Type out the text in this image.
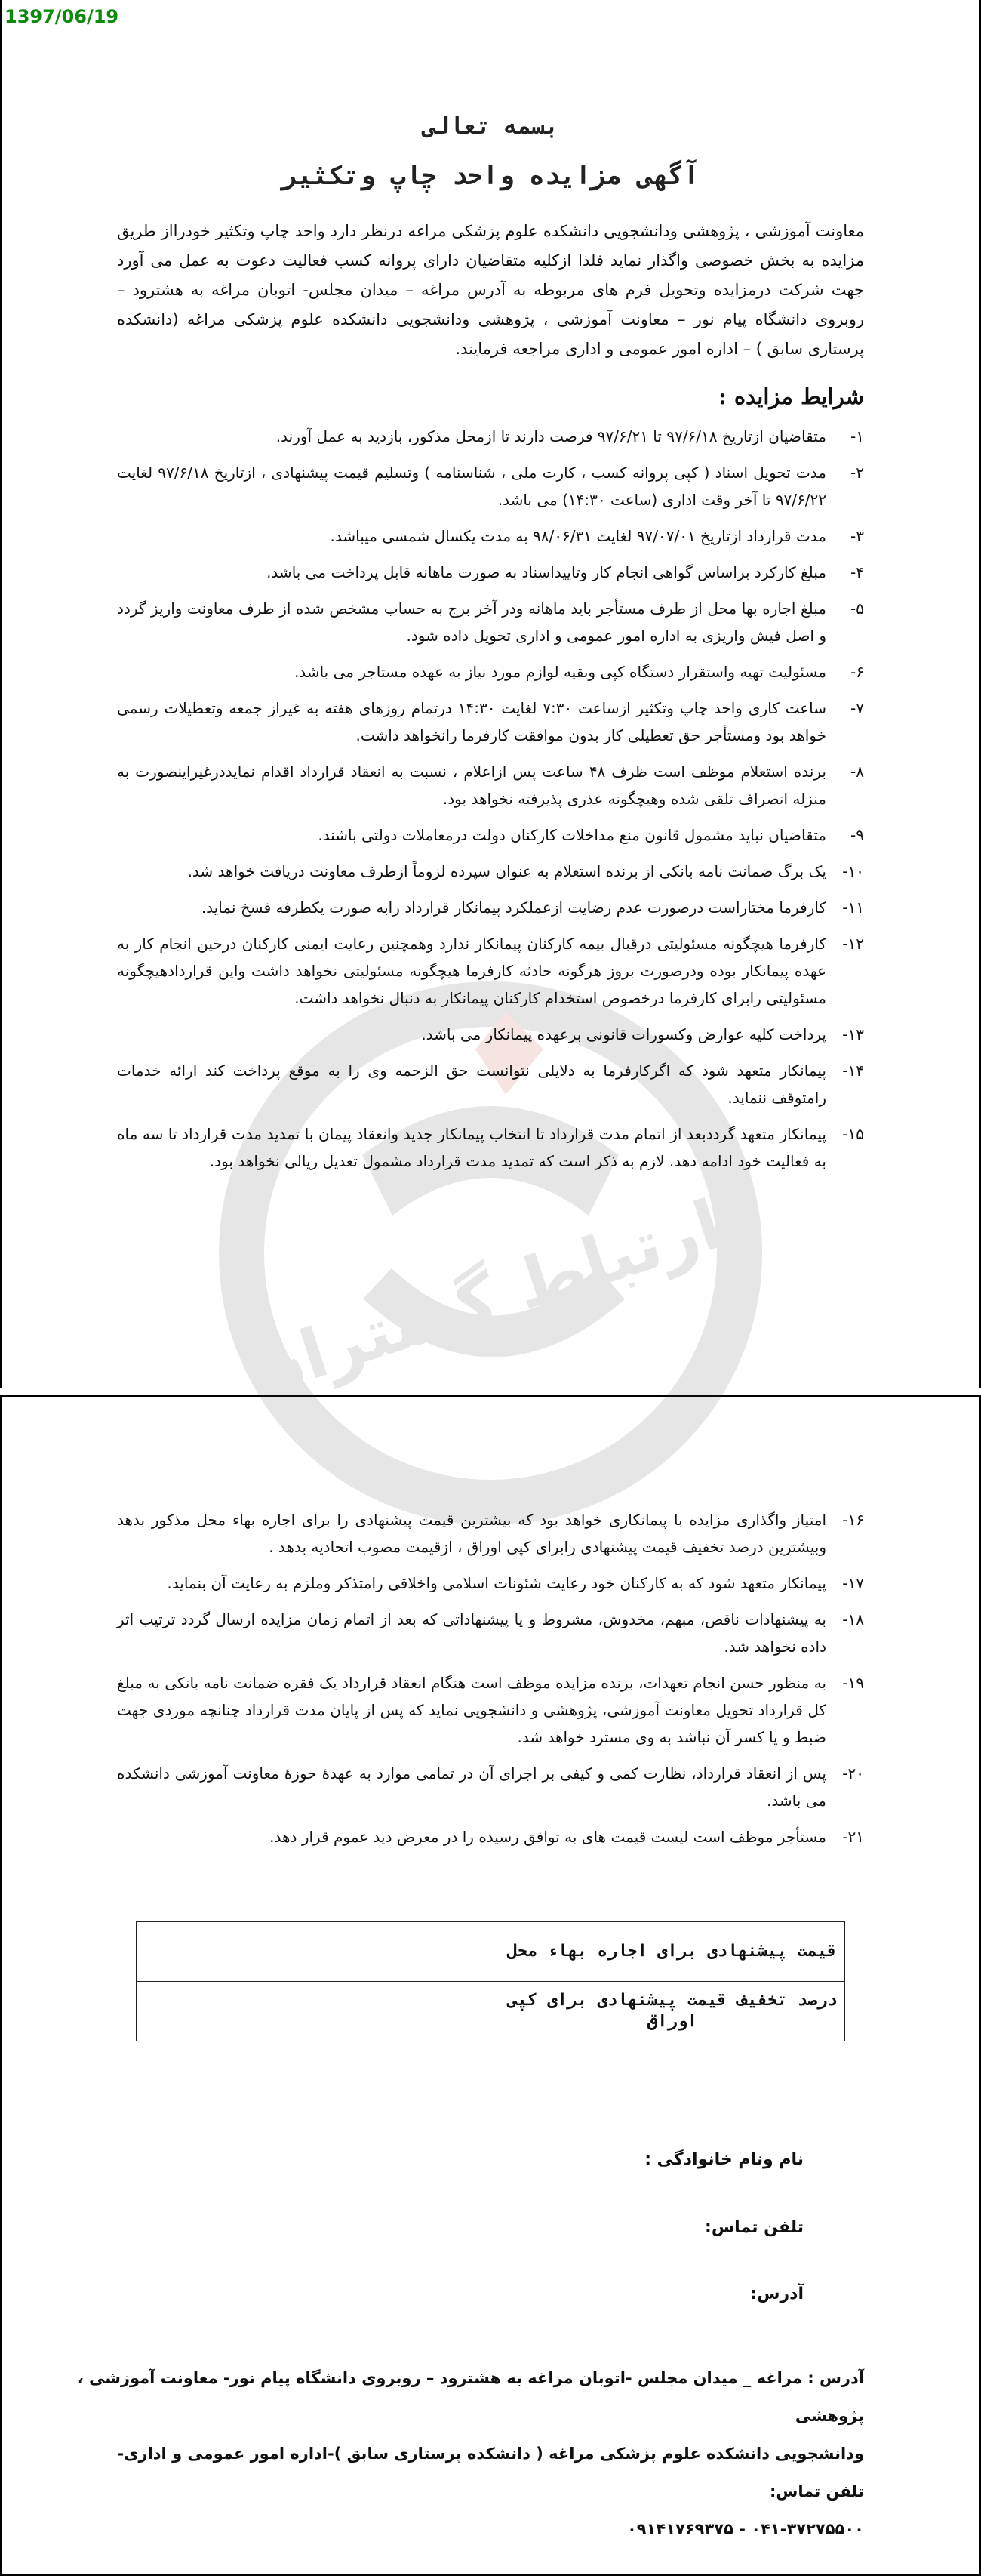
1397/06/19
ارتباط گستران
بسمه تعالی
آگهی مزایده واحد چاپ وتکثیر
معاونت آموزشی ، پژوهشی ودانشجویی دانشکده علوم پزشکی مراغه درنظر دارد واحد چاپ وتکثیر خودرااز طریق مزایده به بخش خصوصی واگذار نماید فلذا ازکلیه متقاضیان دارای پروانه کسب فعالیت دعوت به عمل می آورد جهت شرکت درمزایده وتحویل فرم های مربوطه به آدرس مراغه – میدان مجلس- اتوبان مراغه به هشترود – روبروی دانشگاه پیام نور – معاونت آموزشی ، پژوهشی ودانشجویی دانشکده علوم پزشکی مراغه (دانشکده پرستاری سابق ) – اداره امور عمومی و اداری مراجعه فرمایند.
شرایط مزایده :
۱-
متقاضیان ازتاریخ ۹۷/۶/۱۸ تا ۹۷/۶/۲۱ فرصت دارند تا ازمحل مذکور، بازدید به عمل آورند.
۲-
مدت تحویل اسناد ( کپی پروانه کسب ، کارت ملی ، شناسنامه ) وتسلیم قیمت پیشنهادی ، ازتاریخ ۹۷/۶/۱۸ لغایت ۹۷/۶/۲۲ تا آخر وقت اداری (ساعت ۱۴:۳۰) می باشد.
۳-
مدت قرارداد ازتاریخ ۹۷/۰۷/۰۱ لغایت ۹۸/۰۶/۳۱ به مدت یکسال شمسی میباشد.
۴-
مبلغ کارکرد براساس گواهی انجام کار وتاییداسناد به صورت ماهانه قابل پرداخت می باشد.
۵-
مبلغ اجاره بها محل از طرف مستأجر باید ماهانه ودر آخر برج به حساب مشخص شده از طرف معاونت واریز گردد و اصل فیش واریزی به اداره امور عمومی و اداری تحویل داده شود.
۶-
مسئولیت تهیه واستقرار دستگاه کپی وبقیه لوازم مورد نیاز به عهده مستاجر می باشد.
۷-
ساعت کاری واحد چاپ وتکثیر ازساعت ۷:۳۰ لغایت ۱۴:۳۰ درتمام روزهای هفته به غیراز جمعه وتعطیلات رسمی خواهد بود ومستأجر حق تعطیلی کار بدون موافقت کارفرما رانخواهد داشت.
۸-
برنده استعلام موظف است ظرف ۴۸ ساعت پس ازاعلام ، نسبت به انعقاد قرارداد اقدام نمایددرغیراینصورت به منزله انصراف تلقی شده وهیچگونه عذری پذیرفته نخواهد بود.
۹-
متقاضیان نباید مشمول قانون منع مداخلات کارکنان دولت درمعاملات دولتی باشند.
۱۰-
یک برگ ضمانت نامه بانکی از برنده استعلام به عنوان سپرده لزوماً ازطرف معاونت دریافت خواهد شد.
۱۱-
کارفرما مختاراست درصورت عدم رضایت ازعملکرد پیمانکار قرارداد رابه صورت یکطرفه فسخ نماید.
۱۲-
کارفرما هیچگونه مسئولیتی درقبال بیمه کارکنان پیمانکار ندارد وهمچنین رعایت ایمنی کارکنان درحین انجام کار به عهده پیمانکار بوده ودرصورت بروز هرگونه حادثه کارفرما هیچگونه مسئولیتی نخواهد داشت واین قراردادهیچگونه مسئولیتی رابرای کارفرما درخصوص استخدام کارکنان پیمانکار به دنبال نخواهد داشت.
۱۳-
پرداخت کلیه عوارض وکسورات قانونی برعهده پیمانکار می باشد.
۱۴-
پیمانکار متعهد شود که اگرکارفرما به دلایلی نتوانست حق الزحمه وی را به موقع پرداخت کند ارائه خدمات رامتوقف ننماید.
۱۵-
پیمانکار متعهد گرددبعد از اتمام مدت قرارداد تا انتخاب پیمانکار جدید وانعقاد پیمان با تمدید مدت قرارداد تا سه ماه به فعالیت خود ادامه دهد. لازم به ذکر است که تمدید مدت قرارداد مشمول تعدیل ریالی نخواهد بود.
۱۶-
امتیاز واگذاری مزایده با پیمانکاری خواهد بود که بیشترین قیمت پیشنهادی را برای اجاره بهاء محل مذکور بدهد وبیشترین درصد تخفیف قیمت پیشنهادی رابرای کپی اوراق ، ازقیمت مصوب اتحادیه بدهد .
۱۷-
پیمانکار متعهد شود که به کارکنان خود رعایت شئونات اسلامی واخلاقی رامتذکر وملزم به رعایت آن بنماید.
۱۸-
به پیشنهادات ناقص، مبهم، مخدوش، مشروط و یا پیشنهاداتی که بعد از اتمام زمان مزایده ارسال گردد ترتیب اثر داده نخواهد شد.
۱۹-
به منظور حسن انجام تعهدات، برنده مزایده موظف است هنگام انعقاد قرارداد یک فقره ضمانت نامه بانکی به مبلغ کل قرارداد تحویل معاونت آموزشی، پژوهشی و دانشجویی نماید که پس از پایان مدت قرارداد چنانچه موردی جهت ضبط و یا کسر آن نباشد به وی مسترد خواهد شد.
۲۰-
پس از انعقاد قرارداد، نظارت کمی و کیفی بر اجرای آن در تمامی موارد به عهدهٔ حوزهٔ معاونت آموزشی دانشکده می باشد.
۲۱-
مستأجر موظف است لیست قیمت های به توافق رسیده را در معرض دید عموم قرار دهد.
قیمت پیشنهادی برای اجاره بهاء محل	
درصد تخفیف قیمت پیشنهادی برای کپی اوراق	
نام ونام خانوادگی :
تلفن تماس:
آدرس:
آدرس : مراغه _ میدان مجلس -اتوبان مراغه به هشترود – روبروی دانشگاه پیام نور- معاونت آموزشی ، پژوهشی
ودانشجویی دانشکده علوم پزشکی مراغه ( دانشکده پرستاری سابق )-اداره امور عمومی و اداری- تلفن تماس:
۰۴۱-۳۷۲۷۵۵۰۰ - ۰۹۱۴۱۷۶۹۳۷۵
